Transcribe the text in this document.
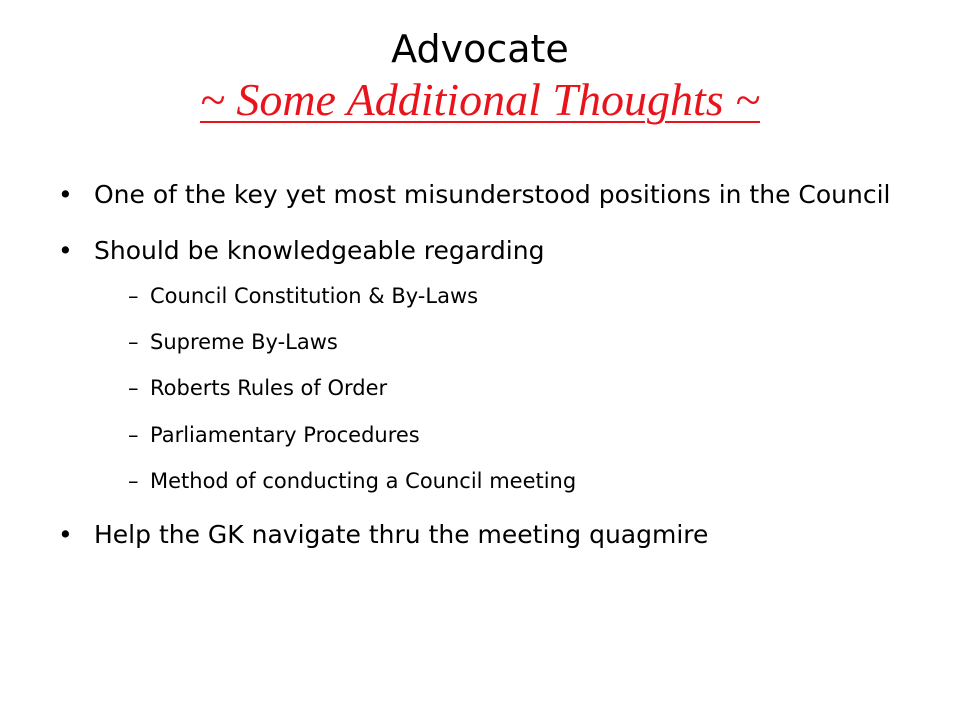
Advocate
~ Some Additional Thoughts ~
• One of the key yet most misunderstood positions in the Council
• Should be knowledgeable regarding
– Council Constitution & By-Laws
– Supreme By-Laws
– Roberts Rules of Order
– Parliamentary Procedures
– Method of conducting a Council meeting
• Help the GK navigate thru the meeting quagmire
